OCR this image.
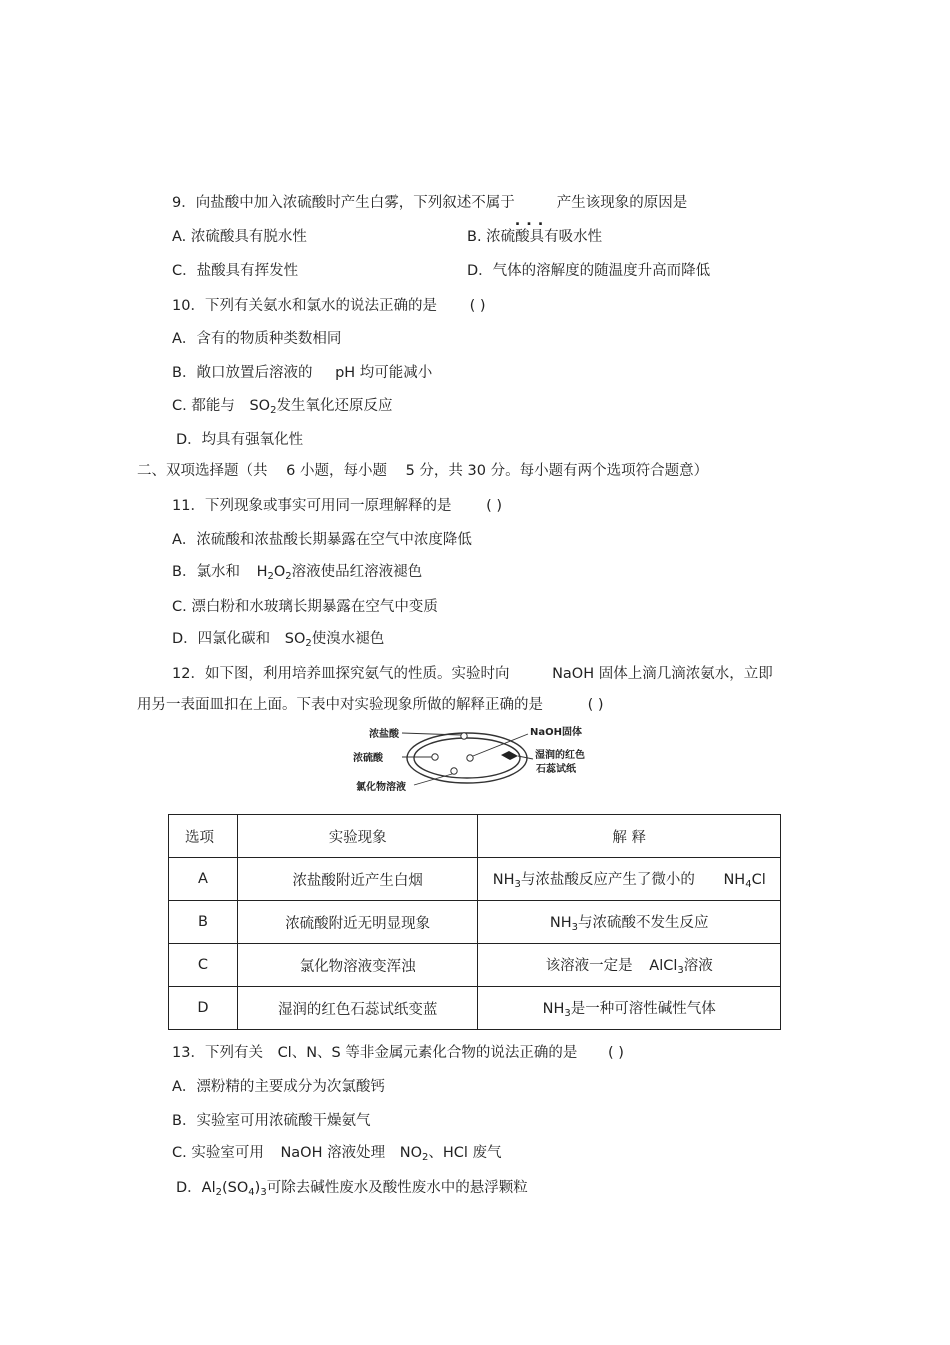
9．向盐酸中加入浓硫酸时产生白雾，下列叙述不属于
...
产生该现象的原因是
A. 浓硫酸具有脱水性	B. 浓硫酸具有吸水性
C．盐酸具有挥发性	D．气体的溶解度的随温度升高而降低
10．下列有关氨水和氯水的说法正确的是 ( )
A．含有的物质种类数相同
B．敞口放置后溶液的 pH 均可能减小
C. 都能与 $SO_2$发生氧化还原反应
D．均具有强氧化性
二、双项选择题（共 6 小题，每小题 5 分，共 30 分。每小题有两个选项符合题意）
11．下列现象或事实可用同一原理解释的是 ( )
A．浓硫酸和浓盐酸长期暴露在空气中浓度降低
B．氯水和 $H_2O_2$溶液使品红溶液褪色
C. 漂白粉和水玻璃长期暴露在空气中变质
D．四氯化碳和 $SO_2$使溴水褪色
12．如下图，利用培养皿探究氨气的性质。实验时向	NaOH 固体上滴几滴浓氨水，立即
用另一表面皿扣在上面。下表中对实验现象所做的解释正确的是	( )
浓盐酸
浓硫酸
氯化物溶液
NaOH固体
湿润的红色
石蕊试纸
选项	实验现象	解 释
A	浓盐酸附近产生白烟	$NH_3$与浓盐酸反应产生了微小的 $NH_4Cl$
B	浓硫酸附近无明显现象	$NH_3$与浓硫酸不发生反应
C	氯化物溶液变浑浊	该溶液一定是 AlCl$_3$溶液
D	湿润的红色石蕊试纸变蓝	$NH_3$是一种可溶性碱性气体
13．下列有关 Cl、N、S 等非金属元素化合物的说法正确的是 ( )
A．漂粉精的主要成分为次氯酸钙
B．实验室可用浓硫酸干燥氨气
C. 实验室可用 NaOH 溶液处理 $NO_2$、HCl 废气
D．$Al_2(SO_4)_3$可除去碱性废水及酸性废水中的悬浮颗粒
